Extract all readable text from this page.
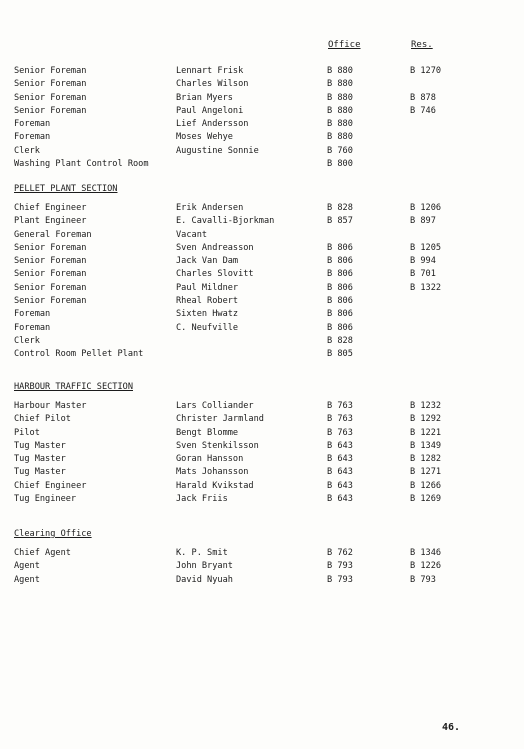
Office	Res.
Senior Foreman	Lennart Frisk	B 880	B 1270
Senior Foreman	Charles Wilson	B 880
Senior Foreman	Brian Myers	B 880	B 878
Senior Foreman	Paul Angeloni	B 880	B 746
Foreman	Lief Andersson	B 880
Foreman	Moses Wehye	B 880
Clerk	Augustine Sonnie	B 760
Washing Plant Control Room	B 800
PELLET PLANT SECTION
Chief Engineer	Erik Andersen	B 828	B 1206
Plant Engineer	E. Cavalli-Bjorkman	B 857	B 897
General Foreman	Vacant
Senior Foreman	Sven Andreasson	B 806	B 1205
Senior Foreman	Jack Van Dam	B 806	B 994
Senior Foreman	Charles Slovitt	B 806	B 701
Senior Foreman	Paul Mildner	B 806	B 1322
Senior Foreman	Rheal Robert	B 806
Foreman	Sixten Hwatz	B 806
Foreman	C. Neufville	B 806
Clerk	B 828
Control Room Pellet Plant	B 805
HARBOUR TRAFFIC SECTION
Harbour Master	Lars Colliander	B 763	B 1232
Chief Pilot	Christer Jarmland	B 763	B 1292
Pilot	Bengt Blomme	B 763	B 1221
Tug Master	Sven Stenkilsson	B 643	B 1349
Tug Master	Goran Hansson	B 643	B 1282
Tug Master	Mats Johansson	B 643	B 1271
Chief Engineer	Harald Kvikstad	B 643	B 1266
Tug Engineer	Jack Friis	B 643	B 1269
Clearing Office
Chief Agent	K. P. Smit	B 762	B 1346
Agent	John Bryant	B 793	B 1226
Agent	David Nyuah	B 793	B 793
46.
